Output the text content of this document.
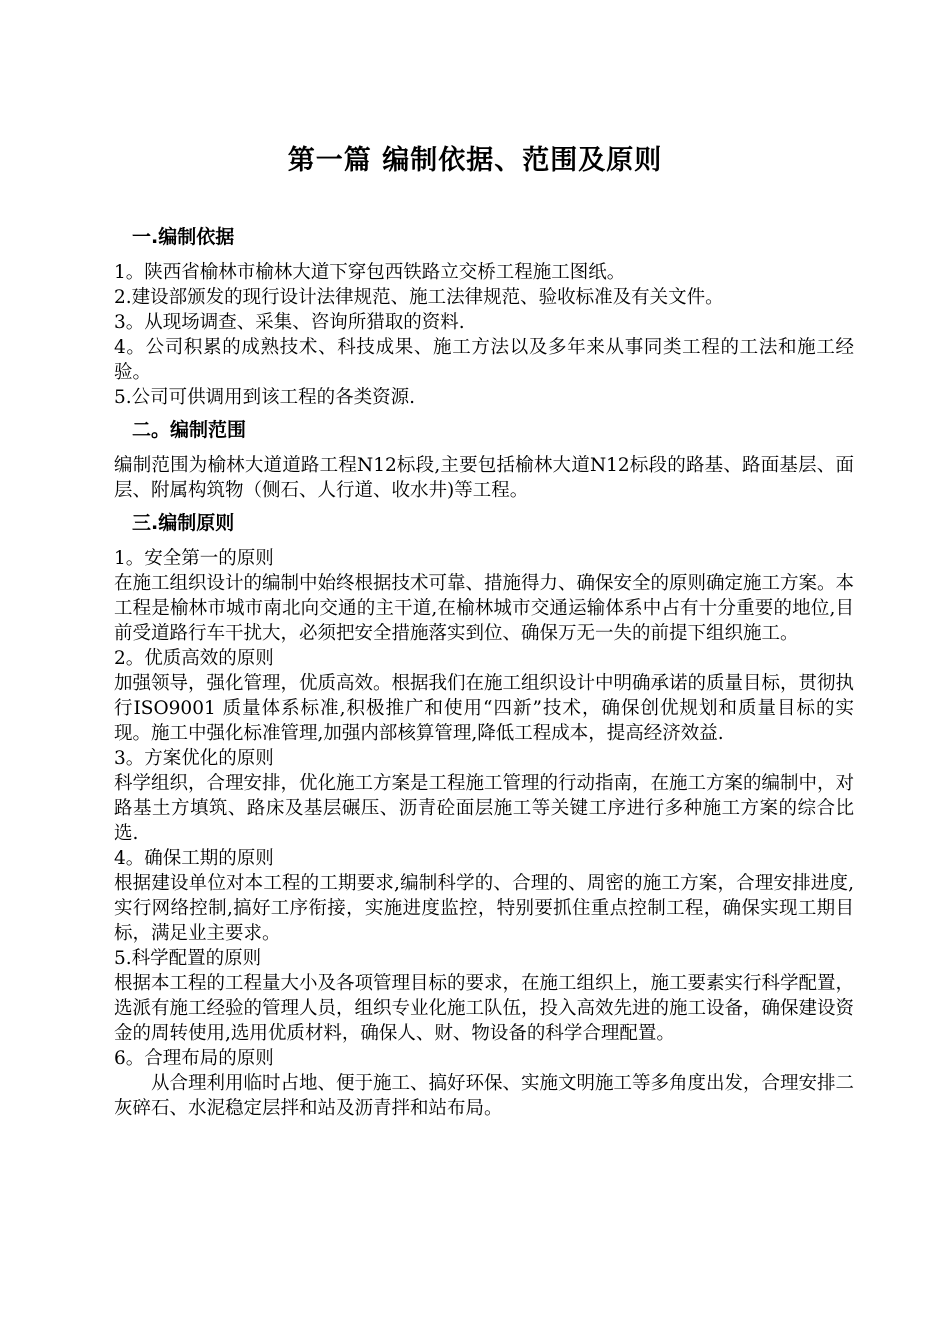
第一篇 编制依据、范围及原则
一.编制依据

1。陕西省榆林市榆林大道下穿包西铁路立交桥工程施工图纸。

2.建设部颁发的现行设计法律规范、施工法律规范、验收标准及有关文件。

3。从现场调查、采集、咨询所猎取的资料.

4。公司积累的成熟技术、科技成果、施工方法以及多年来从事同类工程的工法和施工经验。

5.公司可供调用到该工程的各类资源.

二。编制范围

编制范围为榆林大道道路工程N12标段,主要包括榆林大道N12标段的路基、路面基层、面层、附属构筑物（侧石、人行道、收水井)等工程。

三.编制原则

1。安全第一的原则

在施工组织设计的编制中始终根据技术可靠、措施得力、确保安全的原则确定施工方案。本工程是榆林市城市南北向交通的主干道,在榆林城市交通运输体系中占有十分重要的地位,目前受道路行车干扰大，必须把安全措施落实到位、确保万无一失的前提下组织施工。

2。优质高效的原则

加强领导，强化管理，优质高效。根据我们在施工组织设计中明确承诺的质量目标，贯彻执行ISO9001 质量体系标准,积极推广和使用“四新”技术，确保创优规划和质量目标的实现。施工中强化标准管理,加强内部核算管理,降低工程成本，提高经济效益.

3。方案优化的原则

科学组织，合理安排，优化施工方案是工程施工管理的行动指南，在施工方案的编制中，对路基土方填筑、路床及基层碾压、沥青砼面层施工等关键工序进行多种施工方案的综合比选.

4。确保工期的原则

根据建设单位对本工程的工期要求,编制科学的、合理的、周密的施工方案，合理安排进度,实行网络控制,搞好工序衔接，实施进度监控，特别要抓住重点控制工程，确保实现工期目标，满足业主要求。

5.科学配置的原则

根据本工程的工程量大小及各项管理目标的要求，在施工组织上，施工要素实行科学配置，选派有施工经验的管理人员，组织专业化施工队伍，投入高效先进的施工设备，确保建设资金的周转使用,选用优质材料，确保人、财、物设备的科学合理配置。

6。合理布局的原则

从合理利用临时占地、便于施工、搞好环保、实施文明施工等多角度出发，合理安排二灰碎石、水泥稳定层拌和站及沥青拌和站布局。
